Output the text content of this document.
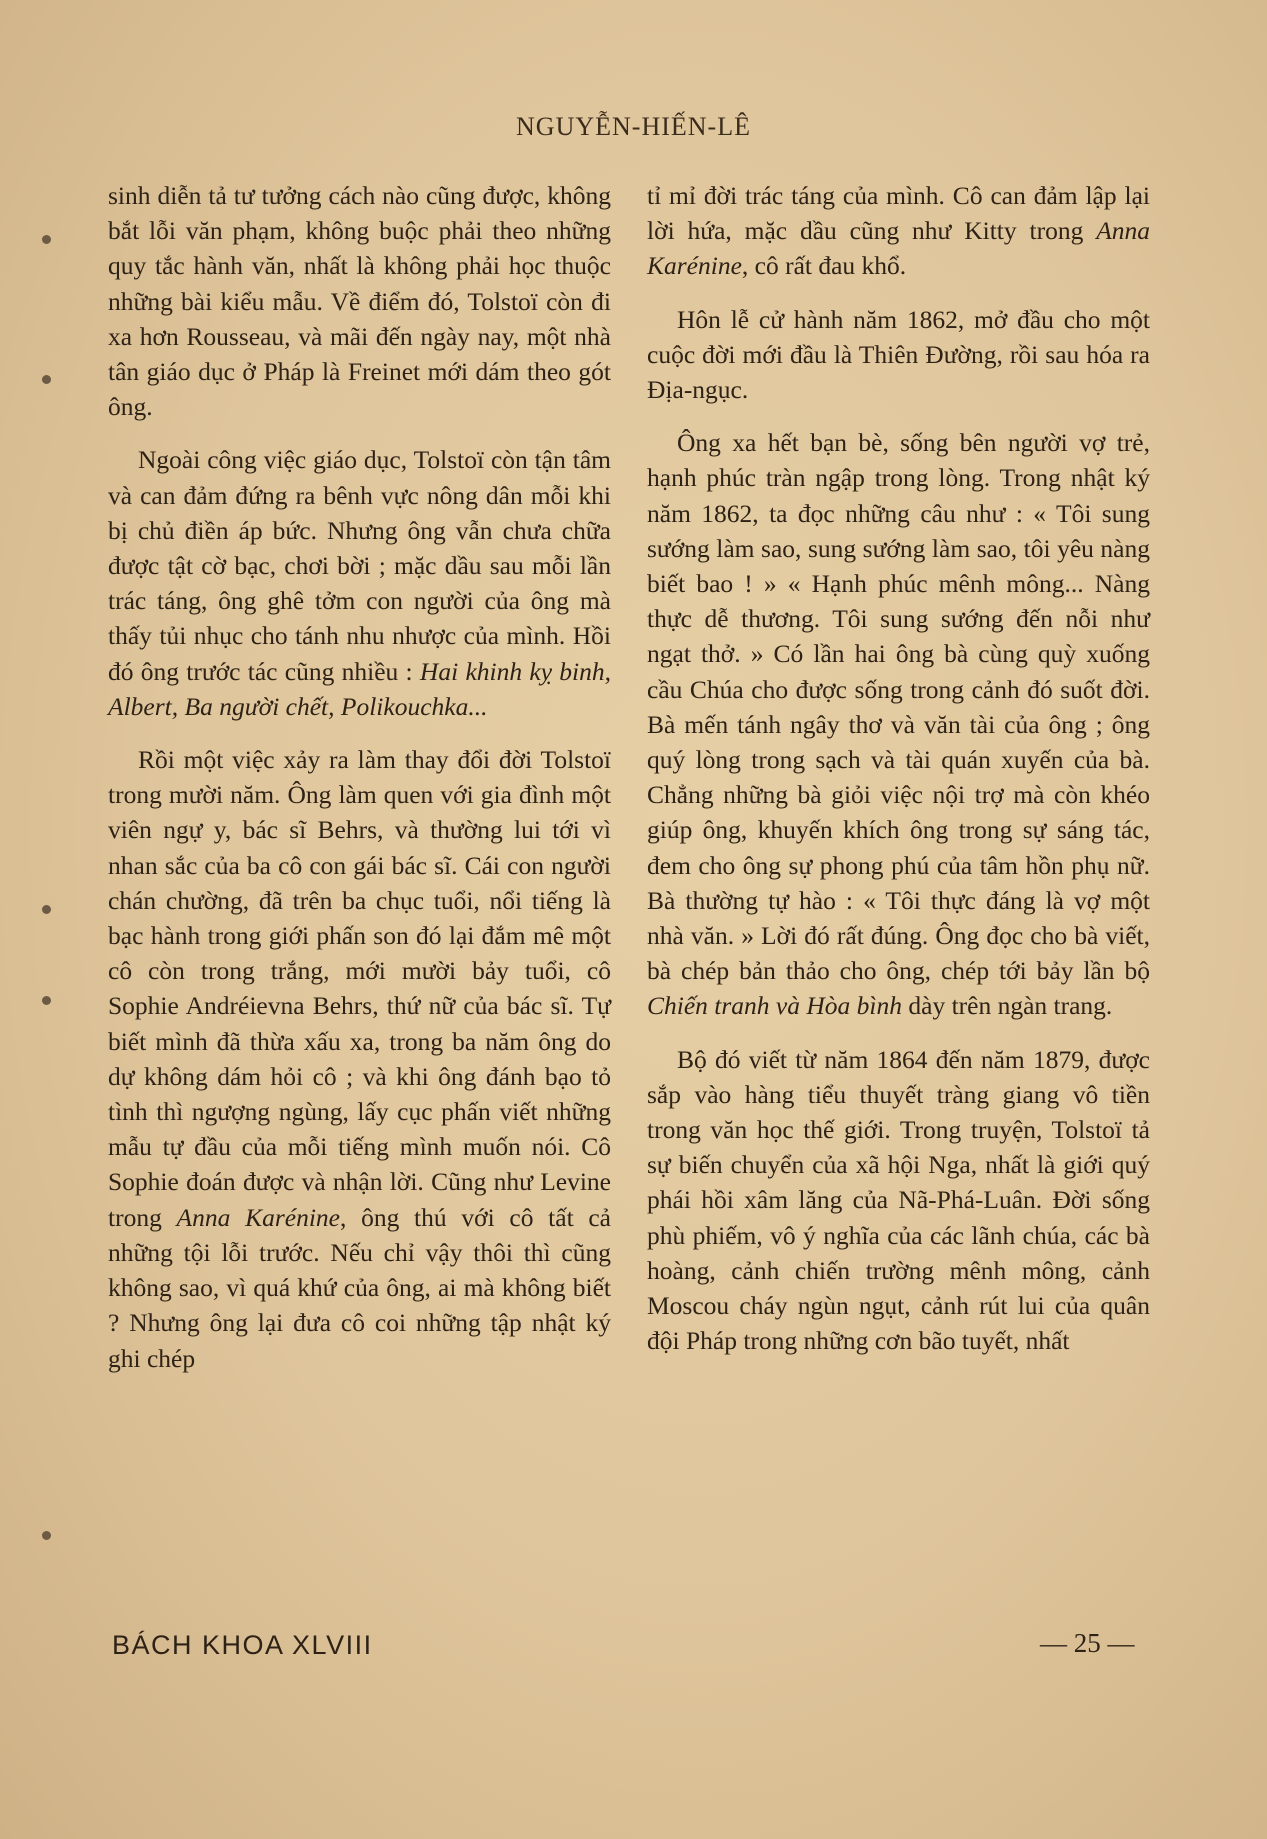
NGUYỄN-HIẾN-LÊ

sinh diễn tả tư tưởng cách nào cũng được, không bắt lỗi văn phạm, không buộc phải theo những quy tắc hành văn, nhất là không phải học thuộc những bài kiểu mẫu. Về điểm đó, Tolstoï còn đi xa hơn Rousseau, và mãi đến ngày nay, một nhà tân giáo dục ở Pháp là Freinet mới dám theo gót ông.

Ngoài công việc giáo dục, Tolstoï còn tận tâm và can đảm đứng ra bênh vực nông dân mỗi khi bị chủ điền áp bức. Nhưng ông vẫn chưa chữa được tật cờ bạc, chơi bời ; mặc dầu sau mỗi lần trác táng, ông ghê tởm con người của ông mà thấy tủi nhục cho tánh nhu nhược của mình. Hồi đó ông trước tác cũng nhiều : Hai khinh kỵ binh, Albert, Ba người chết, Polikouchka...

Rồi một việc xảy ra làm thay đổi đời Tolstoï trong mười năm. Ông làm quen với gia đình một viên ngự y, bác sĩ Behrs, và thường lui tới vì nhan sắc của ba cô con gái bác sĩ. Cái con người chán chường, đã trên ba chục tuổi, nổi tiếng là bạc hành trong giới phấn son đó lại đắm mê một cô còn trong trắng, mới mười bảy tuổi, cô Sophie Andréievna Behrs, thứ nữ của bác sĩ. Tự biết mình đã thừa xấu xa, trong ba năm ông do dự không dám hỏi cô ; và khi ông đánh bạo tỏ tình thì ngượng ngùng, lấy cục phấn viết những mẫu tự đầu của mỗi tiếng mình muốn nói. Cô Sophie đoán được và nhận lời. Cũng như Levine trong Anna Karénine, ông thú với cô tất cả những tội lỗi trước. Nếu chỉ vậy thôi thì cũng không sao, vì quá khứ của ông, ai mà không biết ? Nhưng ông lại đưa cô coi những tập nhật ký ghi chép

tỉ mỉ đời trác táng của mình. Cô can đảm lập lại lời hứa, mặc dầu cũng như Kitty trong Anna Karénine, cô rất đau khổ.

Hôn lễ cử hành năm 1862, mở đầu cho một cuộc đời mới đầu là Thiên Đường, rồi sau hóa ra Địa-ngục.

Ông xa hết bạn bè, sống bên người vợ trẻ, hạnh phúc tràn ngập trong lòng. Trong nhật ký năm 1862, ta đọc những câu như : « Tôi sung sướng làm sao, sung sướng làm sao, tôi yêu nàng biết bao ! » « Hạnh phúc mênh mông... Nàng thực dễ thương. Tôi sung sướng đến nỗi như ngạt thở. » Có lần hai ông bà cùng quỳ xuống cầu Chúa cho được sống trong cảnh đó suốt đời. Bà mến tánh ngây thơ và văn tài của ông ; ông quý lòng trong sạch và tài quán xuyến của bà. Chẳng những bà giỏi việc nội trợ mà còn khéo giúp ông, khuyến khích ông trong sự sáng tác, đem cho ông sự phong phú của tâm hồn phụ nữ. Bà thường tự hào : « Tôi thực đáng là vợ một nhà văn. » Lời đó rất đúng. Ông đọc cho bà viết, bà chép bản thảo cho ông, chép tới bảy lần bộ Chiến tranh và Hòa bình dày trên ngàn trang.

Bộ đó viết từ năm 1864 đến năm 1879, được sắp vào hàng tiểu thuyết tràng giang vô tiền trong văn học thế giới. Trong truyện, Tolstoï tả sự biến chuyển của xã hội Nga, nhất là giới quý phái hồi xâm lăng của Nã-Phá-Luân. Đời sống phù phiếm, vô ý nghĩa của các lãnh chúa, các bà hoàng, cảnh chiến trường mênh mông, cảnh Moscou cháy ngùn ngụt, cảnh rút lui của quân đội Pháp trong những cơn bão tuyết, nhất

BÁCH KHOA XLVIII	— 25 —
